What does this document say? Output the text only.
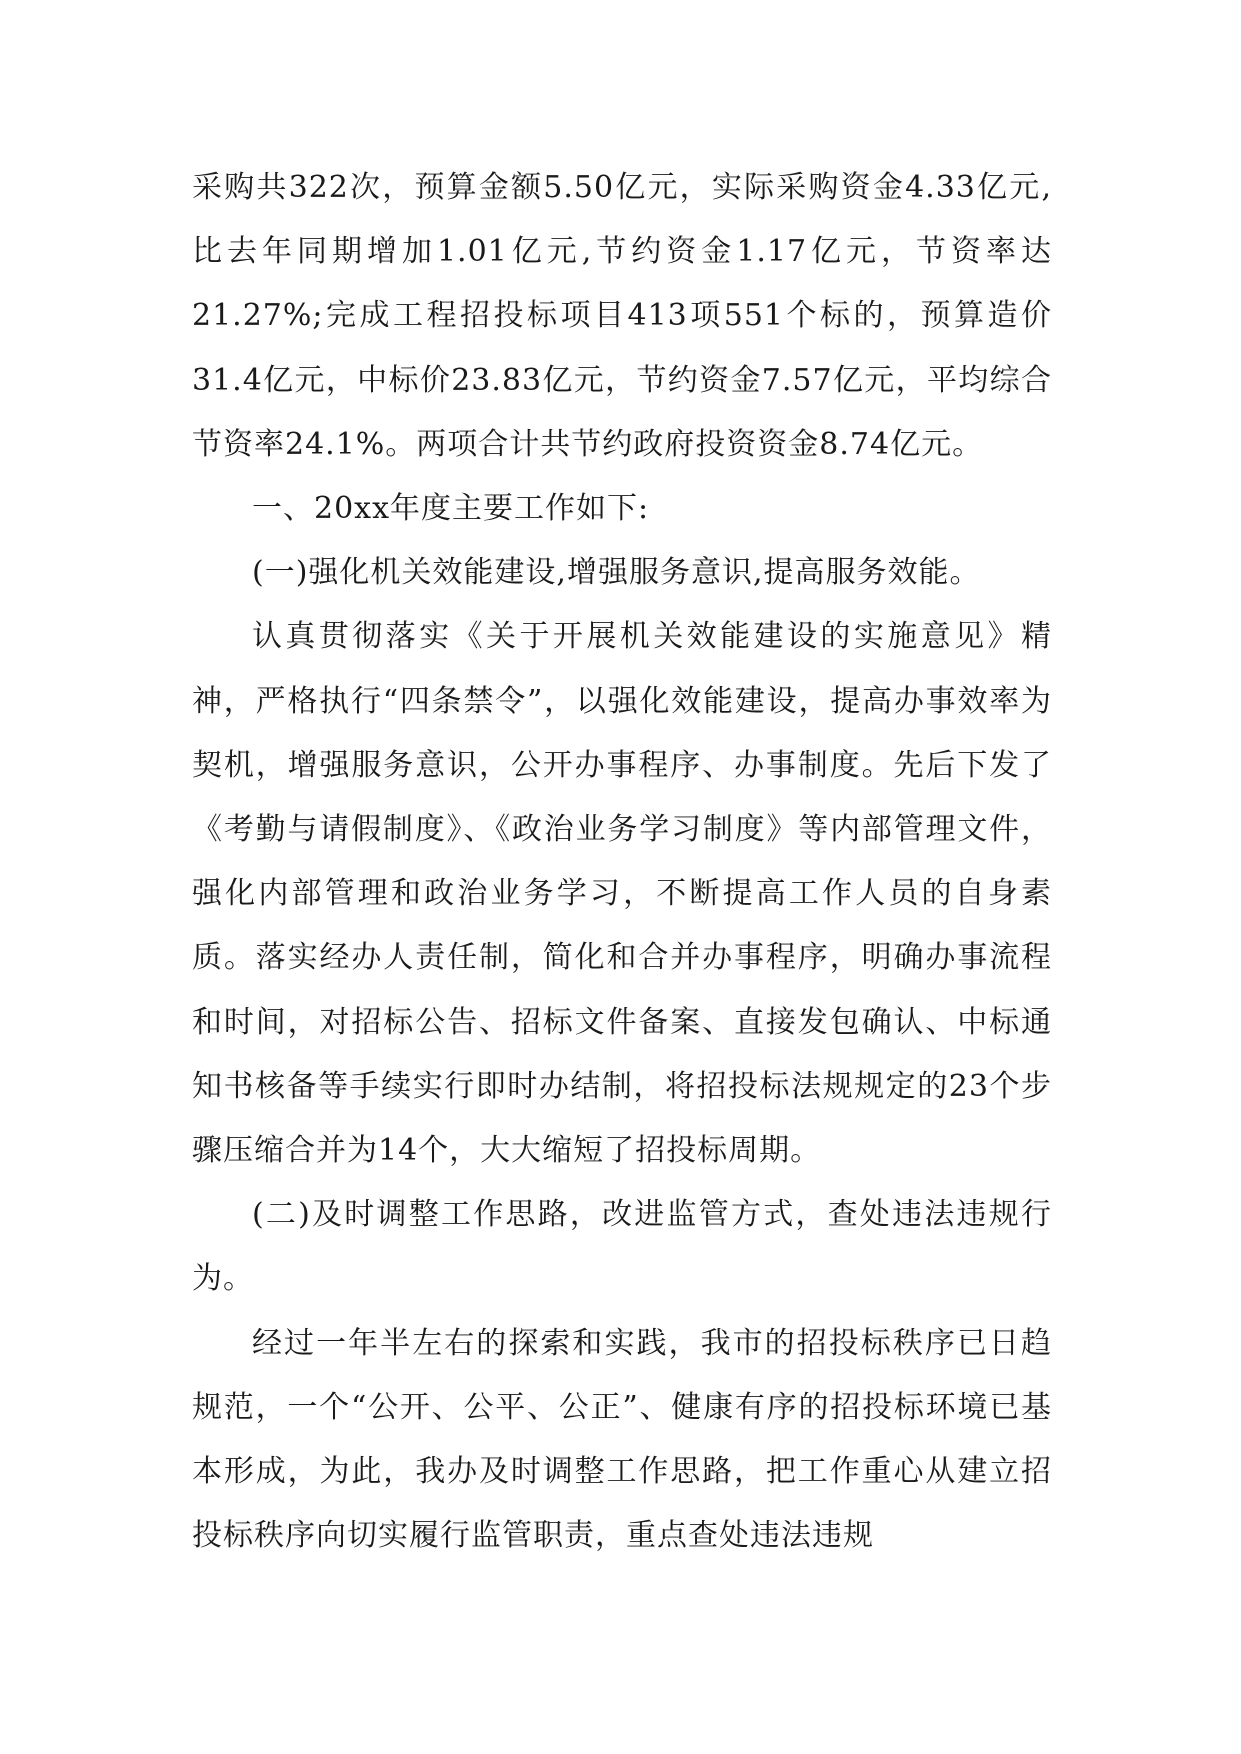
采购共322次，预算金额5.50亿元，实际采购资金4.33亿元,比去年同期增加1.01亿元,节约资金1.17亿元，节资率达21.27%;完成工程招投标项目413项551个标的，预算造价31.4亿元，中标价23.83亿元，节约资金7.57亿元，平均综合节资率24.1%。两项合计共节约政府投资资金8.74亿元。

一、20xx年度主要工作如下:

(一)强化机关效能建设,增强服务意识,提高服务效能。

认真贯彻落实《关于开展机关效能建设的实施意见》精神，严格执行“四条禁令”，以强化效能建设，提高办事效率为契机，增强服务意识，公开办事程序、办事制度。先后下发了《考勤与请假制度》、《政治业务学习制度》等内部管理文件，强化内部管理和政治业务学习，不断提高工作人员的自身素质。落实经办人责任制，简化和合并办事程序，明确办事流程和时间，对招标公告、招标文件备案、直接发包确认、中标通知书核备等手续实行即时办结制，将招投标法规规定的23个步骤压缩合并为14个，大大缩短了招投标周期。

(二)及时调整工作思路，改进监管方式，查处违法违规行为。

经过一年半左右的探索和实践，我市的招投标秩序已日趋规范，一个“公开、公平、公正”、健康有序的招投标环境已基本形成，为此，我办及时调整工作思路，把工作重心从建立招投标秩序向切实履行监管职责，重点查处违法违规
